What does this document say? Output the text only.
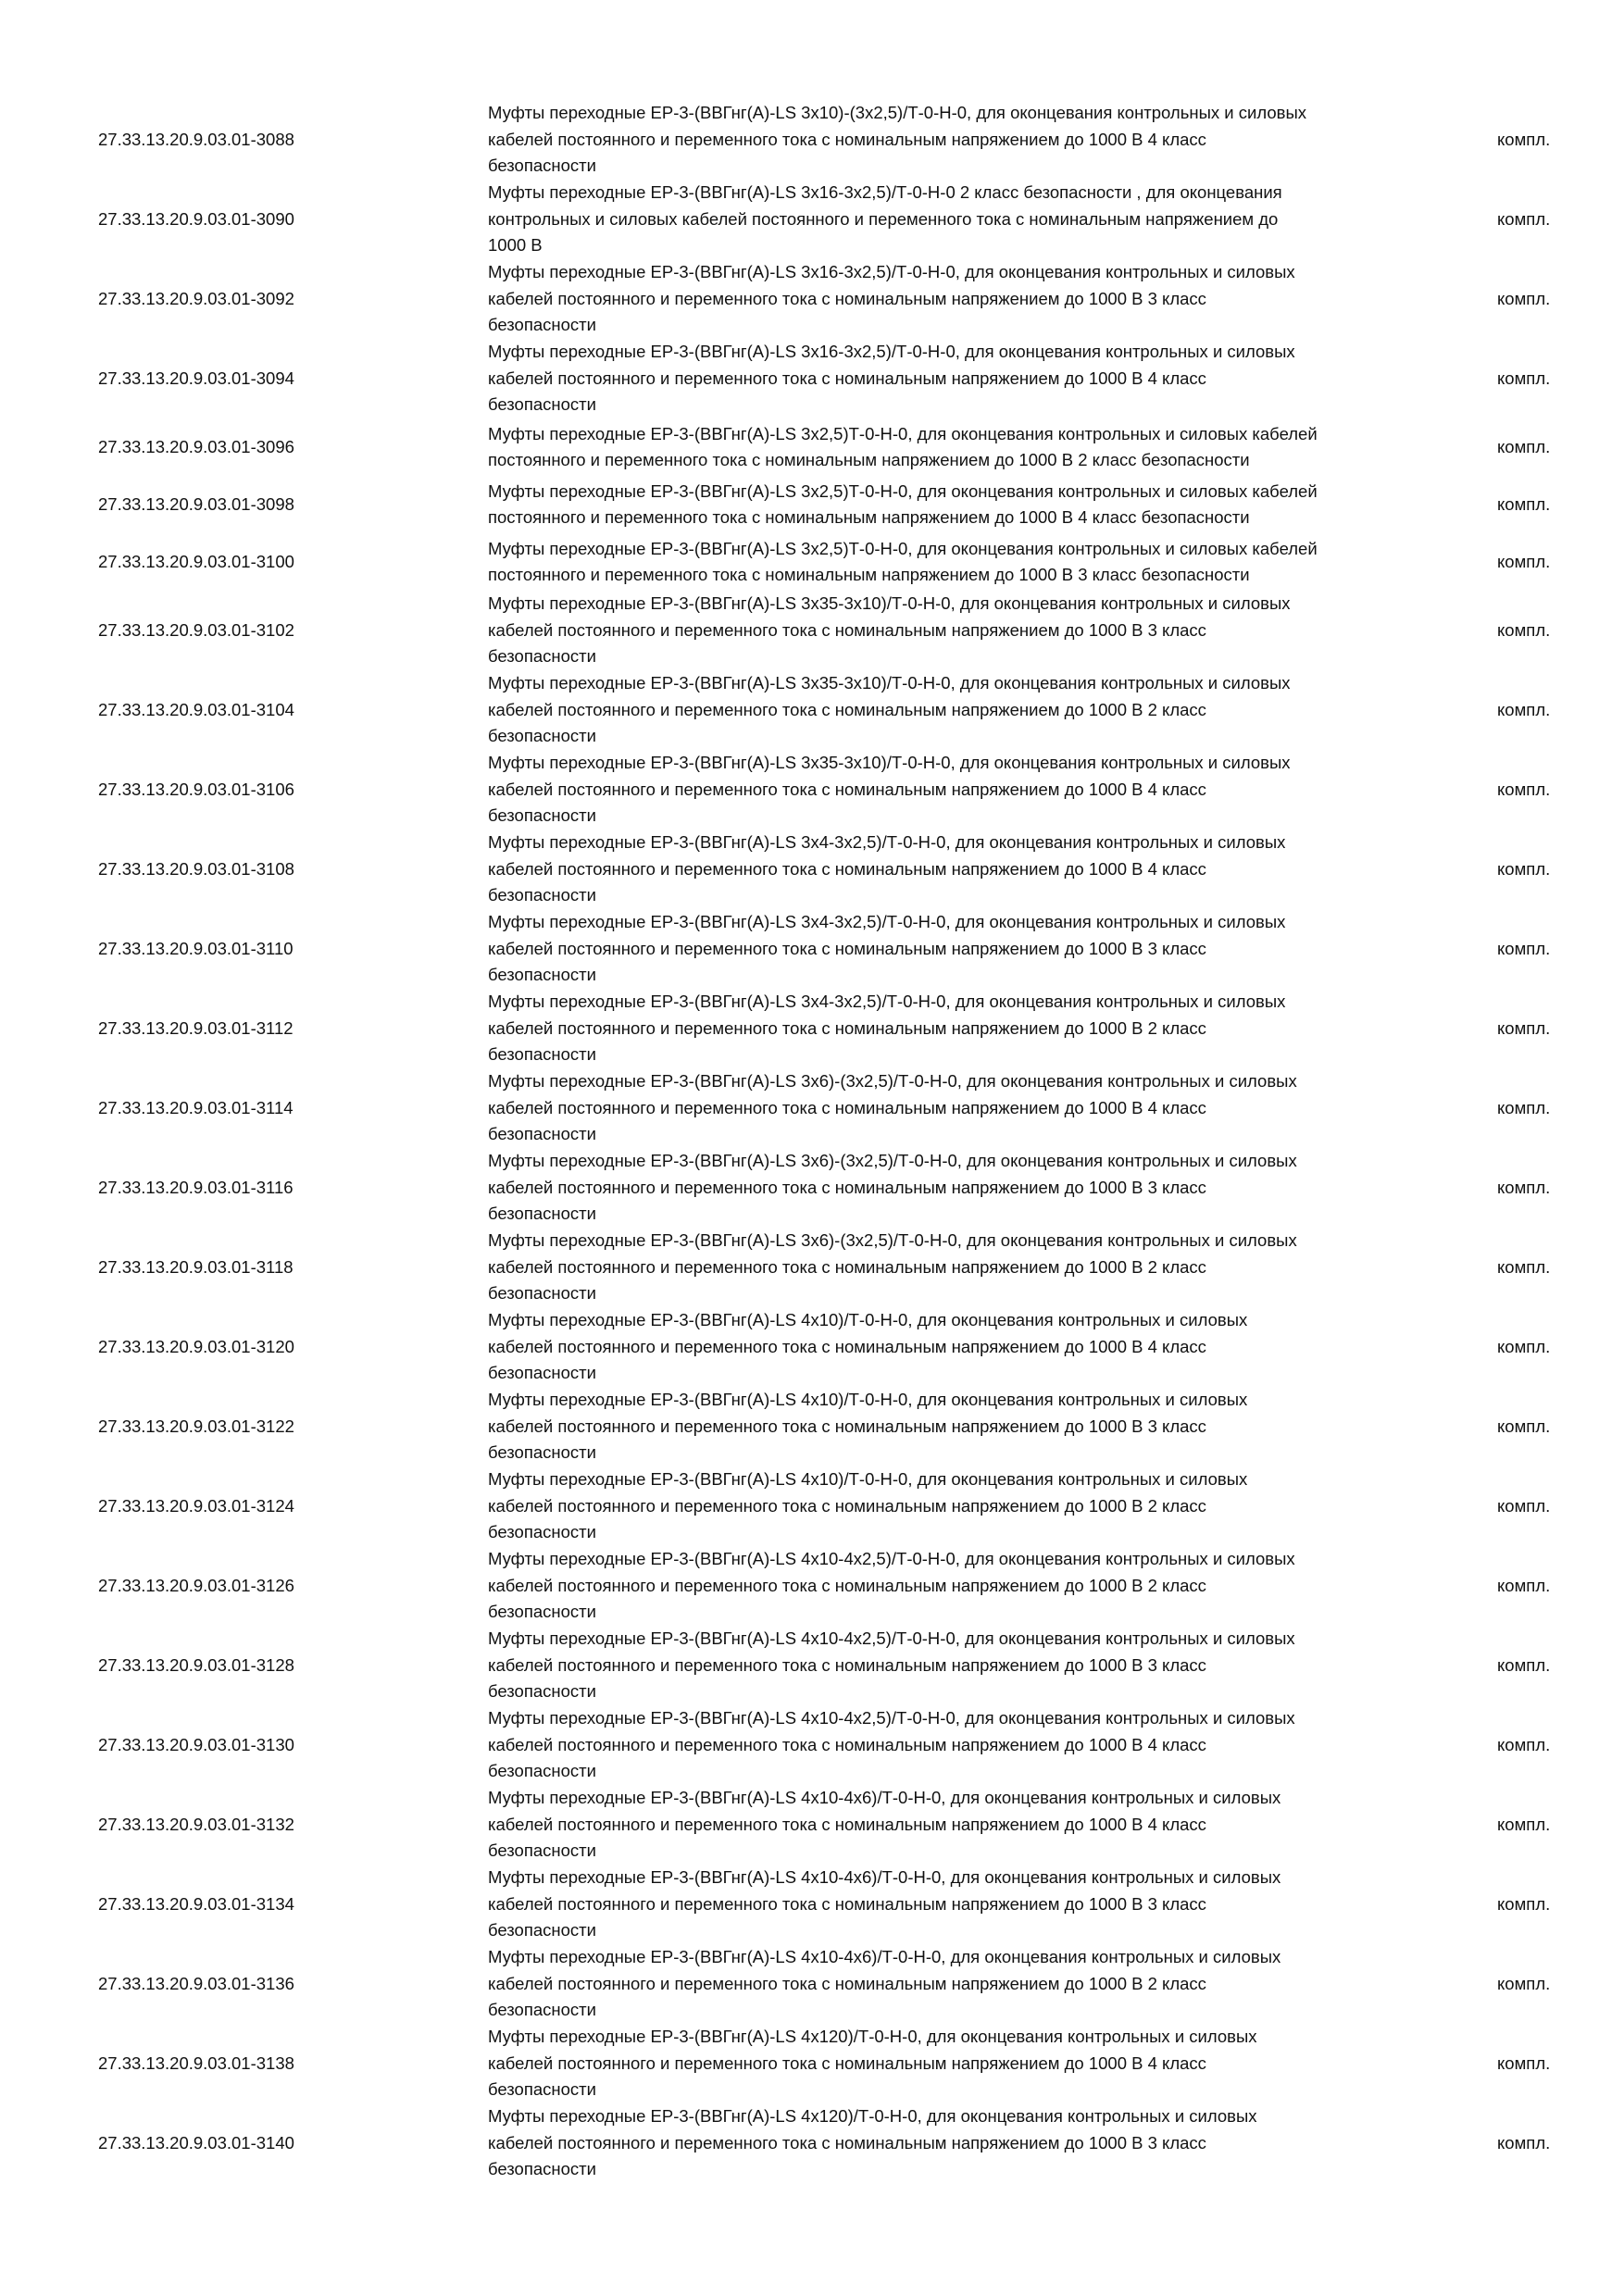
27.33.13.20.9.03.01-3088
Муфты переходные ЕР-3-(ВВГнг(А)-LS 3х10)-(3х2,5)/Т-0-Н-0, для оконцевания контрольных и силовых
кабелей постоянного и переменного тока с номинальным напряжением до 1000 В 4 класс
безопасности
компл.
27.33.13.20.9.03.01-3090
Муфты переходные ЕР-3-(ВВГнг(А)-LS 3х16-3х2,5)/Т-0-Н-0 2 класс безопасности , для оконцевания
контрольных и силовых кабелей постоянного и переменного тока с номинальным напряжением до
1000 В
компл.
27.33.13.20.9.03.01-3092
Муфты переходные ЕР-3-(ВВГнг(А)-LS 3х16-3х2,5)/Т-0-Н-0, для оконцевания контрольных и силовых
кабелей постоянного и переменного тока с номинальным напряжением до 1000 В 3 класс
безопасности
компл.
27.33.13.20.9.03.01-3094
Муфты переходные ЕР-3-(ВВГнг(А)-LS 3х16-3х2,5)/Т-0-Н-0, для оконцевания контрольных и силовых
кабелей постоянного и переменного тока с номинальным напряжением до 1000 В 4 класс
безопасности
компл.
27.33.13.20.9.03.01-3096
Муфты переходные ЕР-3-(ВВГнг(А)-LS 3х2,5)Т-0-Н-0, для оконцевания контрольных и силовых кабелей
постоянного и переменного тока с номинальным напряжением до 1000 В 2 класс безопасности
компл.
27.33.13.20.9.03.01-3098
Муфты переходные ЕР-3-(ВВГнг(А)-LS 3х2,5)Т-0-Н-0, для оконцевания контрольных и силовых кабелей
постоянного и переменного тока с номинальным напряжением до 1000 В 4 класс безопасности
компл.
27.33.13.20.9.03.01-3100
Муфты переходные ЕР-3-(ВВГнг(А)-LS 3х2,5)Т-0-Н-0, для оконцевания контрольных и силовых кабелей
постоянного и переменного тока с номинальным напряжением до 1000 В 3 класс безопасности
компл.
27.33.13.20.9.03.01-3102
Муфты переходные ЕР-3-(ВВГнг(А)-LS 3х35-3х10)/Т-0-Н-0, для оконцевания контрольных и силовых
кабелей постоянного и переменного тока с номинальным напряжением до 1000 В 3 класс
безопасности
компл.
27.33.13.20.9.03.01-3104
Муфты переходные ЕР-3-(ВВГнг(А)-LS 3х35-3х10)/Т-0-Н-0, для оконцевания контрольных и силовых
кабелей постоянного и переменного тока с номинальным напряжением до 1000 В 2 класс
безопасности
компл.
27.33.13.20.9.03.01-3106
Муфты переходные ЕР-3-(ВВГнг(А)-LS 3х35-3х10)/Т-0-Н-0, для оконцевания контрольных и силовых
кабелей постоянного и переменного тока с номинальным напряжением до 1000 В 4 класс
безопасности
компл.
27.33.13.20.9.03.01-3108
Муфты переходные ЕР-3-(ВВГнг(А)-LS 3х4-3х2,5)/Т-0-Н-0, для оконцевания контрольных и силовых
кабелей постоянного и переменного тока с номинальным напряжением до 1000 В 4 класс
безопасности
компл.
27.33.13.20.9.03.01-3110
Муфты переходные ЕР-3-(ВВГнг(А)-LS 3х4-3х2,5)/Т-0-Н-0, для оконцевания контрольных и силовых
кабелей постоянного и переменного тока с номинальным напряжением до 1000 В 3 класс
безопасности
компл.
27.33.13.20.9.03.01-3112
Муфты переходные ЕР-3-(ВВГнг(А)-LS 3х4-3х2,5)/Т-0-Н-0, для оконцевания контрольных и силовых
кабелей постоянного и переменного тока с номинальным напряжением до 1000 В 2 класс
безопасности
компл.
27.33.13.20.9.03.01-3114
Муфты переходные ЕР-3-(ВВГнг(А)-LS 3х6)-(3х2,5)/Т-0-Н-0, для оконцевания контрольных и силовых
кабелей постоянного и переменного тока с номинальным напряжением до 1000 В 4 класс
безопасности
компл.
27.33.13.20.9.03.01-3116
Муфты переходные ЕР-3-(ВВГнг(А)-LS 3х6)-(3х2,5)/Т-0-Н-0, для оконцевания контрольных и силовых
кабелей постоянного и переменного тока с номинальным напряжением до 1000 В 3 класс
безопасности
компл.
27.33.13.20.9.03.01-3118
Муфты переходные ЕР-3-(ВВГнг(А)-LS 3х6)-(3х2,5)/Т-0-Н-0, для оконцевания контрольных и силовых
кабелей постоянного и переменного тока с номинальным напряжением до 1000 В 2 класс
безопасности
компл.
27.33.13.20.9.03.01-3120
Муфты переходные ЕР-3-(ВВГнг(А)-LS 4х10)/Т-0-Н-0, для оконцевания контрольных и силовых
кабелей постоянного и переменного тока с номинальным напряжением до 1000 В 4 класс
безопасности
компл.
27.33.13.20.9.03.01-3122
Муфты переходные ЕР-3-(ВВГнг(А)-LS 4х10)/Т-0-Н-0, для оконцевания контрольных и силовых
кабелей постоянного и переменного тока с номинальным напряжением до 1000 В 3 класс
безопасности
компл.
27.33.13.20.9.03.01-3124
Муфты переходные ЕР-3-(ВВГнг(А)-LS 4х10)/Т-0-Н-0, для оконцевания контрольных и силовых
кабелей постоянного и переменного тока с номинальным напряжением до 1000 В 2 класс
безопасности
компл.
27.33.13.20.9.03.01-3126
Муфты переходные ЕР-3-(ВВГнг(А)-LS 4х10-4х2,5)/Т-0-Н-0, для оконцевания контрольных и силовых
кабелей постоянного и переменного тока с номинальным напряжением до 1000 В 2 класс
безопасности
компл.
27.33.13.20.9.03.01-3128
Муфты переходные ЕР-3-(ВВГнг(А)-LS 4х10-4х2,5)/Т-0-Н-0, для оконцевания контрольных и силовых
кабелей постоянного и переменного тока с номинальным напряжением до 1000 В 3 класс
безопасности
компл.
27.33.13.20.9.03.01-3130
Муфты переходные ЕР-3-(ВВГнг(А)-LS 4х10-4х2,5)/Т-0-Н-0, для оконцевания контрольных и силовых
кабелей постоянного и переменного тока с номинальным напряжением до 1000 В 4 класс
безопасности
компл.
27.33.13.20.9.03.01-3132
Муфты переходные ЕР-3-(ВВГнг(А)-LS 4х10-4х6)/Т-0-Н-0, для оконцевания контрольных и силовых
кабелей постоянного и переменного тока с номинальным напряжением до 1000 В 4 класс
безопасности
компл.
27.33.13.20.9.03.01-3134
Муфты переходные ЕР-3-(ВВГнг(А)-LS 4х10-4х6)/Т-0-Н-0, для оконцевания контрольных и силовых
кабелей постоянного и переменного тока с номинальным напряжением до 1000 В 3 класс
безопасности
компл.
27.33.13.20.9.03.01-3136
Муфты переходные ЕР-3-(ВВГнг(А)-LS 4х10-4х6)/Т-0-Н-0, для оконцевания контрольных и силовых
кабелей постоянного и переменного тока с номинальным напряжением до 1000 В 2 класс
безопасности
компл.
27.33.13.20.9.03.01-3138
Муфты переходные ЕР-3-(ВВГнг(А)-LS 4х120)/Т-0-Н-0, для оконцевания контрольных и силовых
кабелей постоянного и переменного тока с номинальным напряжением до 1000 В 4 класс
безопасности
компл.
27.33.13.20.9.03.01-3140
Муфты переходные ЕР-3-(ВВГнг(А)-LS 4х120)/Т-0-Н-0, для оконцевания контрольных и силовых
кабелей постоянного и переменного тока с номинальным напряжением до 1000 В 3 класс
безопасности
компл.
